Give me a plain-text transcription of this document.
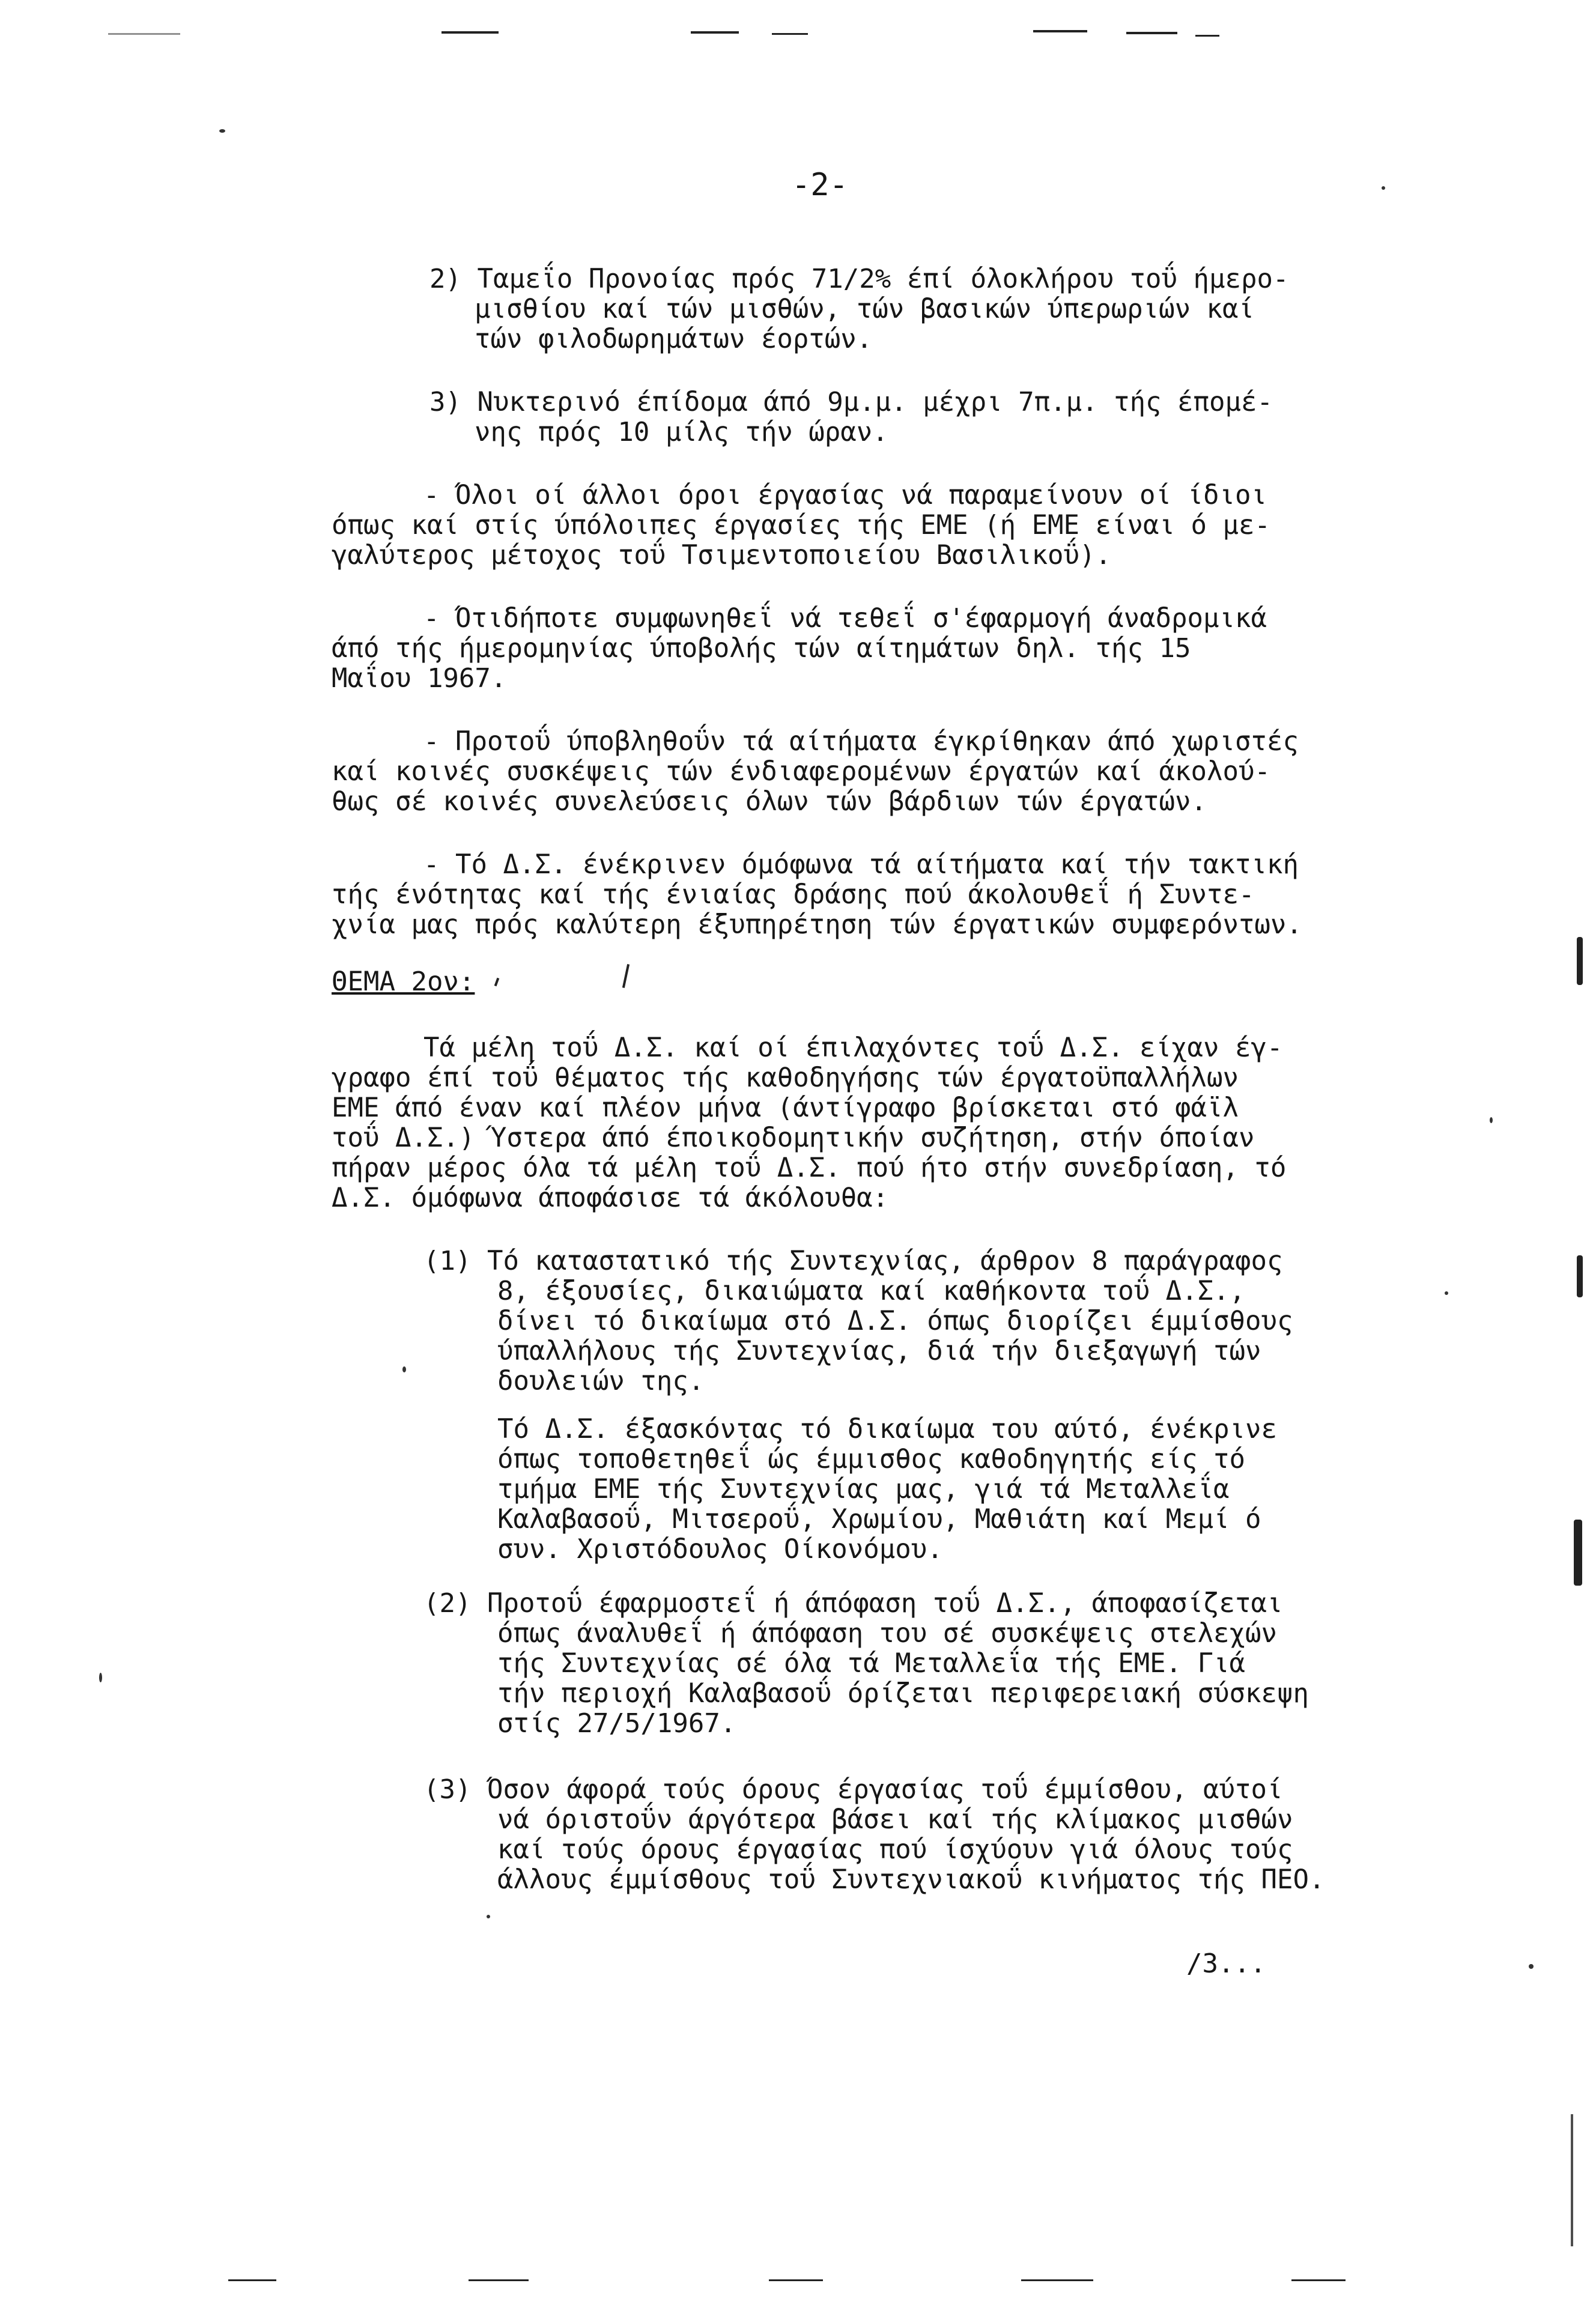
-2-
2) Ταμεΐο Προνοίας πρός 71/2% έπί όλοκλήρου τοΰ ήμερο-
μισθίου καί τών μισθών, τών βασικών ύπερωριών καί
τών φιλοδωρημάτων έορτών.
3) Νυκτερινό έπίδομα άπό 9μ.μ. μέχρι 7π.μ. τής έπομέ-
νης πρός 10 μίλς τήν ώραν.
- Όλοι οί άλλοι όροι έργασίας νά παραμείνουν οί ίδιοι
όπως καί στίς ύπόλοιπες έργασίες τής ΕΜΕ (ή ΕΜΕ είναι ό με-
γαλύτερος μέτοχος τοΰ Τσιμεντοποιείου Βασιλικοΰ).
- Ότιδήποτε συμφωνηθεΐ νά τεθεΐ σ'έφαρμογή άναδρομικά
άπό τής ήμερομηνίας ύποβολής τών αίτημάτων δηλ. τής 15
Μαΐου 1967.
- Προτοΰ ύποβληθοΰν τά αίτήματα έγκρίθηκαν άπό χωριστές
καί κοινές συσκέψεις τών ένδιαφερομένων έργατών καί άκολού-
θως σέ κοινές συνελεύσεις όλων τών βάρδιων τών έργατών.
- Τό Δ.Σ. ένέκρινεν όμόφωνα τά αίτήματα καί τήν τακτική
τής ένότητας καί τής ένιαίας δράσης πού άκολουθεΐ ή Συντε-
χνία μας πρός καλύτερη έξυπηρέτηση τών έργατικών συμφερόντων.
ΘΕΜΑ 2ον:
Τά μέλη τοΰ Δ.Σ. καί οί έπιλαχόντες τοΰ Δ.Σ. είχαν έγ-
γραφο έπί τοΰ θέματος τής καθοδηγήσης τών έργατοϋπαλλήλων
ΕΜΕ άπό έναν καί πλέον μήνα (άντίγραφο βρίσκεται στό φάϊλ
τοΰ Δ.Σ.) Ύστερα άπό έποικοδομητικήν συζήτηση, στήν όποίαν
πήραν μέρος όλα τά μέλη τοΰ Δ.Σ. πού ήτο στήν συνεδρίαση, τό
Δ.Σ. όμόφωνα άποφάσισε τά άκόλουθα:
(1) Τό καταστατικό τής Συντεχνίας, άρθρον 8 παράγραφος
8, έξουσίες, δικαιώματα καί καθήκοντα τοΰ Δ.Σ.,
δίνει τό δικαίωμα στό Δ.Σ. όπως διορίζει έμμίσθους
ύπαλλήλους τής Συντεχνίας, διά τήν διεξαγωγή τών
δουλειών της.
Τό Δ.Σ. έξασκόντας τό δικαίωμα του αύτό, ένέκρινε
όπως τοποθετηθεΐ ώς έμμισθος καθοδηγητής είς τό
τμήμα ΕΜΕ τής Συντεχνίας μας, γιά τά Μεταλλεΐα
Καλαβασοΰ, Μιτσεροΰ, Χρωμίου, Μαθιάτη καί Μεμί ό
συν. Χριστόδουλος Οίκονόμου.
(2) Προτοΰ έφαρμοστεΐ ή άπόφαση τοΰ Δ.Σ., άποφασίζεται
όπως άναλυθεΐ ή άπόφαση του σέ συσκέψεις στελεχών
τής Συντεχνίας σέ όλα τά Μεταλλεΐα τής ΕΜΕ. Γιά
τήν περιοχή Καλαβασοΰ όρίζεται περιφερειακή σύσκεψη
στίς 27/5/1967.
(3) Όσον άφορά τούς όρους έργασίας τοΰ έμμίσθου, αύτοί
νά όριστοΰν άργότερα βάσει καί τής κλίμακος μισθών
καί τούς όρους έργασίας πού ίσχύουν γιά όλους τούς
άλλους έμμίσθους τοΰ Συντεχνιακοΰ κινήματος τής ΠΕΟ.
/3...
